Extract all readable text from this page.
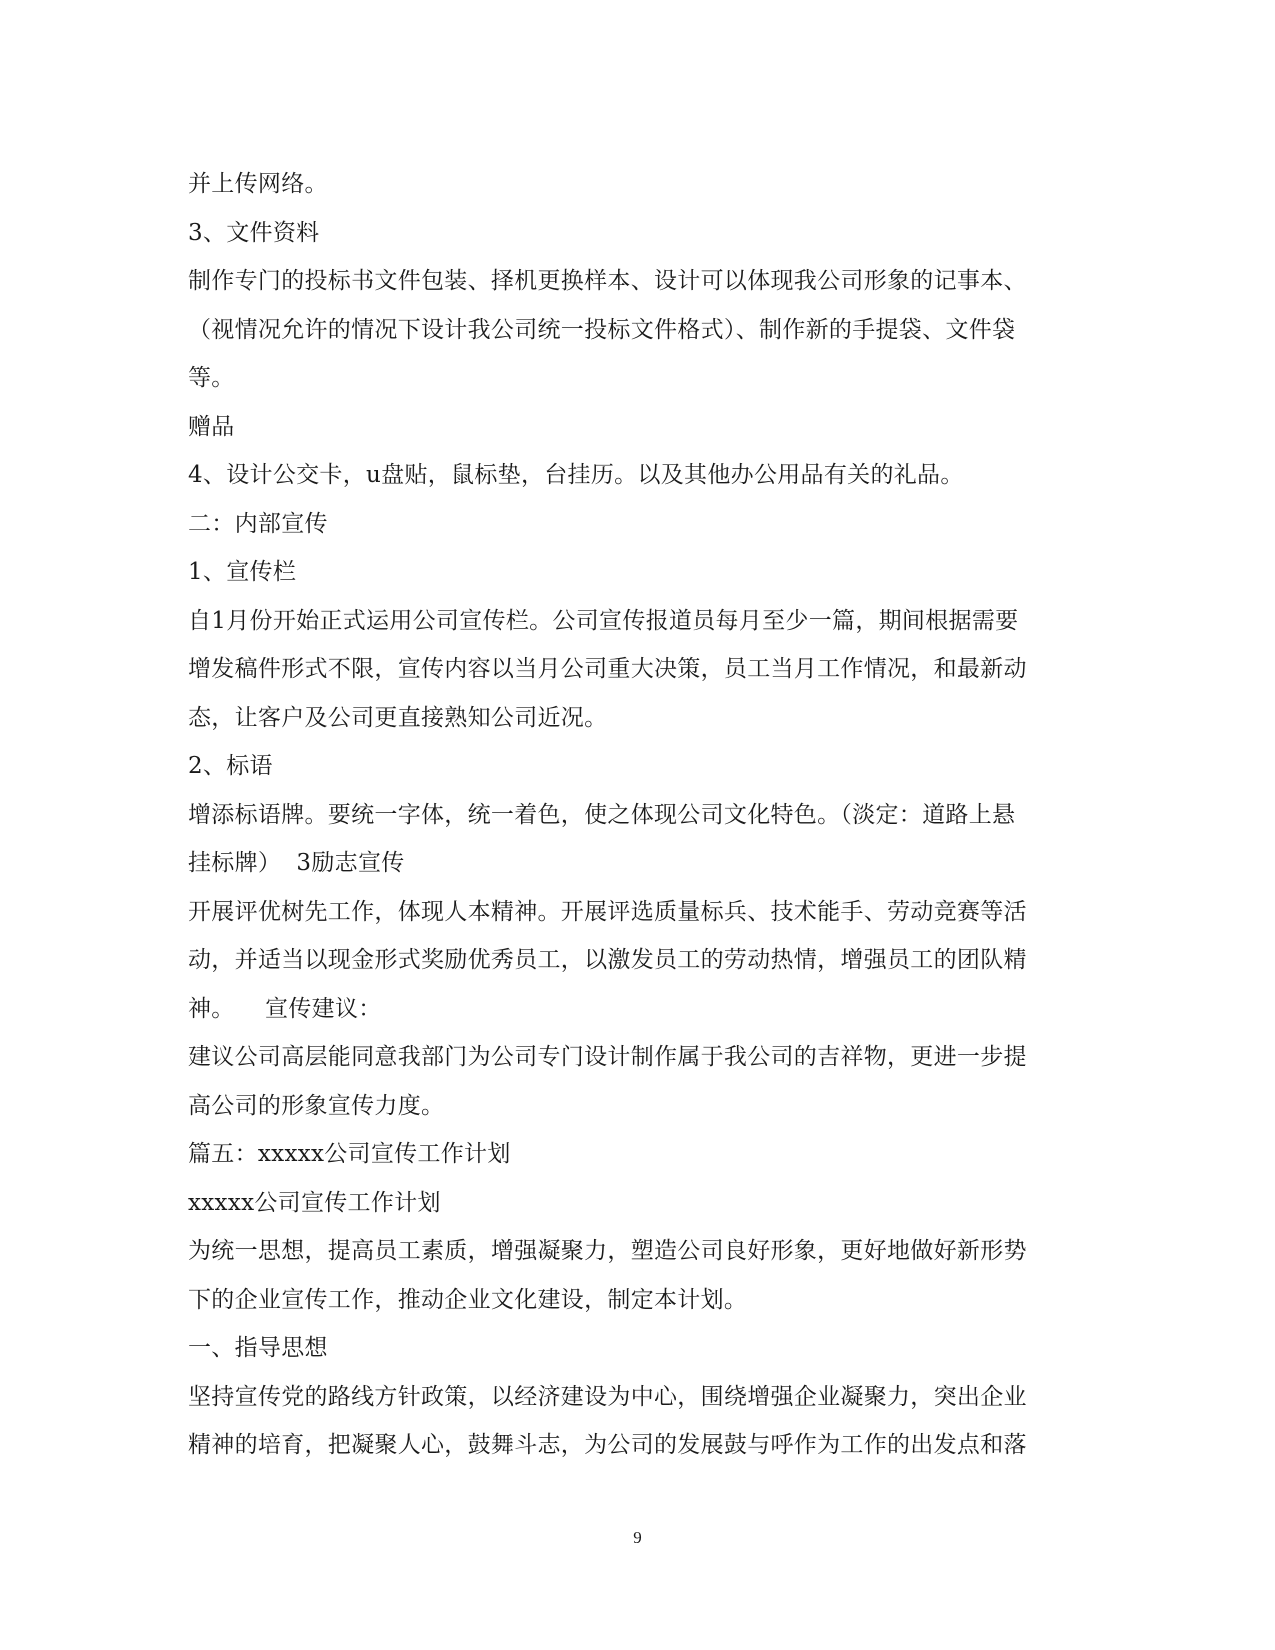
并上传网络。
3、文件资料
制作专门的投标书文件包装、择机更换样本、设计可以体现我公司形象的记事本、
（视情况允许的情况下设计我公司统一投标文件格式）、制作新的手提袋、文件袋
等。
赠品
4、设计公交卡，u盘贴，鼠标垫，台挂历。以及其他办公用品有关的礼品。
二：内部宣传
1、宣传栏
自1月份开始正式运用公司宣传栏。公司宣传报道员每月至少一篇，期间根据需要
增发稿件形式不限，宣传内容以当月公司重大决策，员工当月工作情况，和最新动
态，让客户及公司更直接熟知公司近况。
2、标语
增添标语牌。要统一字体，统一着色，使之体现公司文化特色。（淡定：道路上悬
挂标牌）  3励志宣传
开展评优树先工作，体现人本精神。开展评选质量标兵、技术能手、劳动竞赛等活
动，并适当以现金形式奖励优秀员工，以激发员工的劳动热情，增强员工的团队精
神。    宣传建议：
建议公司高层能同意我部门为公司专门设计制作属于我公司的吉祥物，更进一步提
高公司的形象宣传力度。
篇五：xxxxx公司宣传工作计划
xxxxx公司宣传工作计划
为统一思想，提高员工素质，增强凝聚力，塑造公司良好形象，更好地做好新形势
下的企业宣传工作，推动企业文化建设，制定本计划。
一、指导思想
坚持宣传党的路线方针政策，以经济建设为中心，围绕增强企业凝聚力，突出企业
精神的培育，把凝聚人心，鼓舞斗志，为公司的发展鼓与呼作为工作的出发点和落
9
